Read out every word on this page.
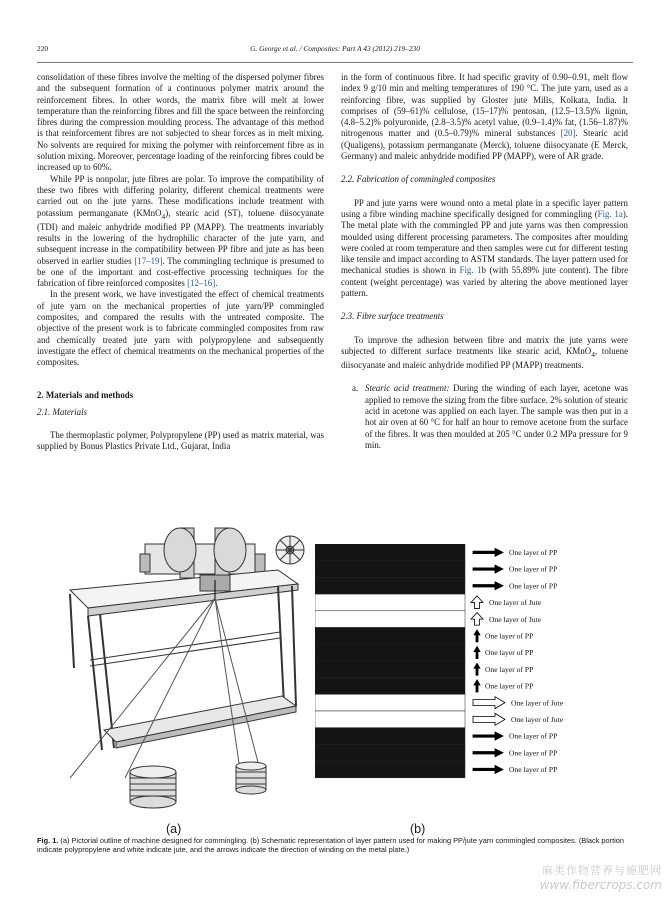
220	G. George et al. / Composites: Part A 43 (2012) 219–230

consolidation of these fibres involve the melting of the dispersed polymer fibres and the subsequent formation of a continuous polymer matrix around the reinforcement fibres. In other words, the matrix fibre will melt at lower temperature than the reinforcing fibres and fill the space between the reinforcing fibres during the compression moulding process. The advantage of this method is that reinforcement fibres are not subjected to shear forces as in melt mixing. No solvents are required for mixing the polymer with reinforcement fibre as in solution mixing. Moreover, percentage loading of the reinforcing fibres could be increased up to 60%.

While PP is nonpolar, jute fibres are polar. To improve the compatibility of these two fibres with differing polarity, different chemical treatments were carried out on the jute yarns. These modifications include treatment with potassium permanganate (KMnO$_4$), stearic acid (ST), toluene diisocyanate (TDI) and maleic anhydride modified PP (MAPP). The treatments invariably results in the lowering of the hydrophilic character of the jute yarn, and subsequent increase in the compatibility between PP fibre and jute as has been observed in earlier studies [17–19]. The commingling technique is presumed to be one of the important and cost-effective processing techniques for the fabrication of fibre reinforced composites [12–16].

In the present work, we have investigated the effect of chemical treatments of jute yarn on the mechanical properties of jute yarn/PP commingled composites, and compared the results with the untreated composite. The objective of the present work is to fabricate commingled composites from raw and chemically treated jute yarn with polypropylene and subsequently investigate the effect of chemical treatments on the mechanical properties of the composites.

2. Materials and methods
2.1. Materials

The thermoplastic polymer, Polypropylene (PP) used as matrix material, was supplied by Bonus Plastics Private Ltd., Gujarat, India

in the form of continuous fibre. It had specific gravity of 0.90–0.91, melt flow index 9 g/10 min and melting temperatures of 190 °C. The jute yarn, used as a reinforcing fibre, was supplied by Gloster jute Mills, Kolkata, India. It comprises of (59–61)% cellulose, (15–17)% pentosan, (12.5–13.5)% lignin, (4.8–5.2)% polyuronide, (2.8–3.5)% acetyl value, (0.9–1.4)% fat, (1.56–1.87)% nitrogenous matter and (0.5–0.79)% mineral substances [20]. Stearic acid (Qualigens), potassium permanganate (Merck), toluene diisocyanate (E Merck, Germany) and maleic anhydride modified PP (MAPP), were of AR grade.

2.2. Fabrication of commingled composites

PP and jute yarns were wound onto a metal plate in a specific layer pattern using a fibre winding machine specifically designed for commingling (Fig. 1a). The metal plate with the commingled PP and jute yarns was then compression moulded using different processing parameters. The composites after moulding were cooled at room temperature and then samples were cut for different testing like tensile and impact according to ASTM standards. The layer pattern used for mechanical studies is shown in Fig. 1b (with 55.89% jute content). The fibre content (weight percentage) was varied by altering the above mentioned layer pattern.

2.3. Fibre surface treatments

To improve the adhesion between fibre and matrix the jute yarns were subjected to different surface treatments like stearic acid, KMnO$_4$, toluene diisocyanate and maleic anhydride modified PP (MAPP) treatments.

a. Stearic acid treatment: During the winding of each layer, acetone was applied to remove the sizing from the fibre surface. 2% solution of stearic acid in acetone was applied on each layer. The sample was then put in a hot air oven at 60 °C for half an hour to remove acetone from the surface of the fibres. It was then moulded at 205 °C under 0.2 MPa pressure for 9 min.
(a)
One layer of PP
One layer of PP
One layer of PP
One layer of Jute
One layer of Jute
One layer of PP
One layer of PP
One layer of PP
One layer of PP
One layer of Jute
One layer of Jute
One layer of PP
One layer of PP
One layer of PP
(b)
Fig. 1. (a) Pictorial outline of machine designed for commingling. (b) Schematic representation of layer pattern used for making PP/jute yarn commingled composites. (Black portion indicate polypropylene and white indicate jute, and the arrows indicate the direction of winding on the metal plate.)
麻类作物营养与施肥网
www.fibercrops.com
